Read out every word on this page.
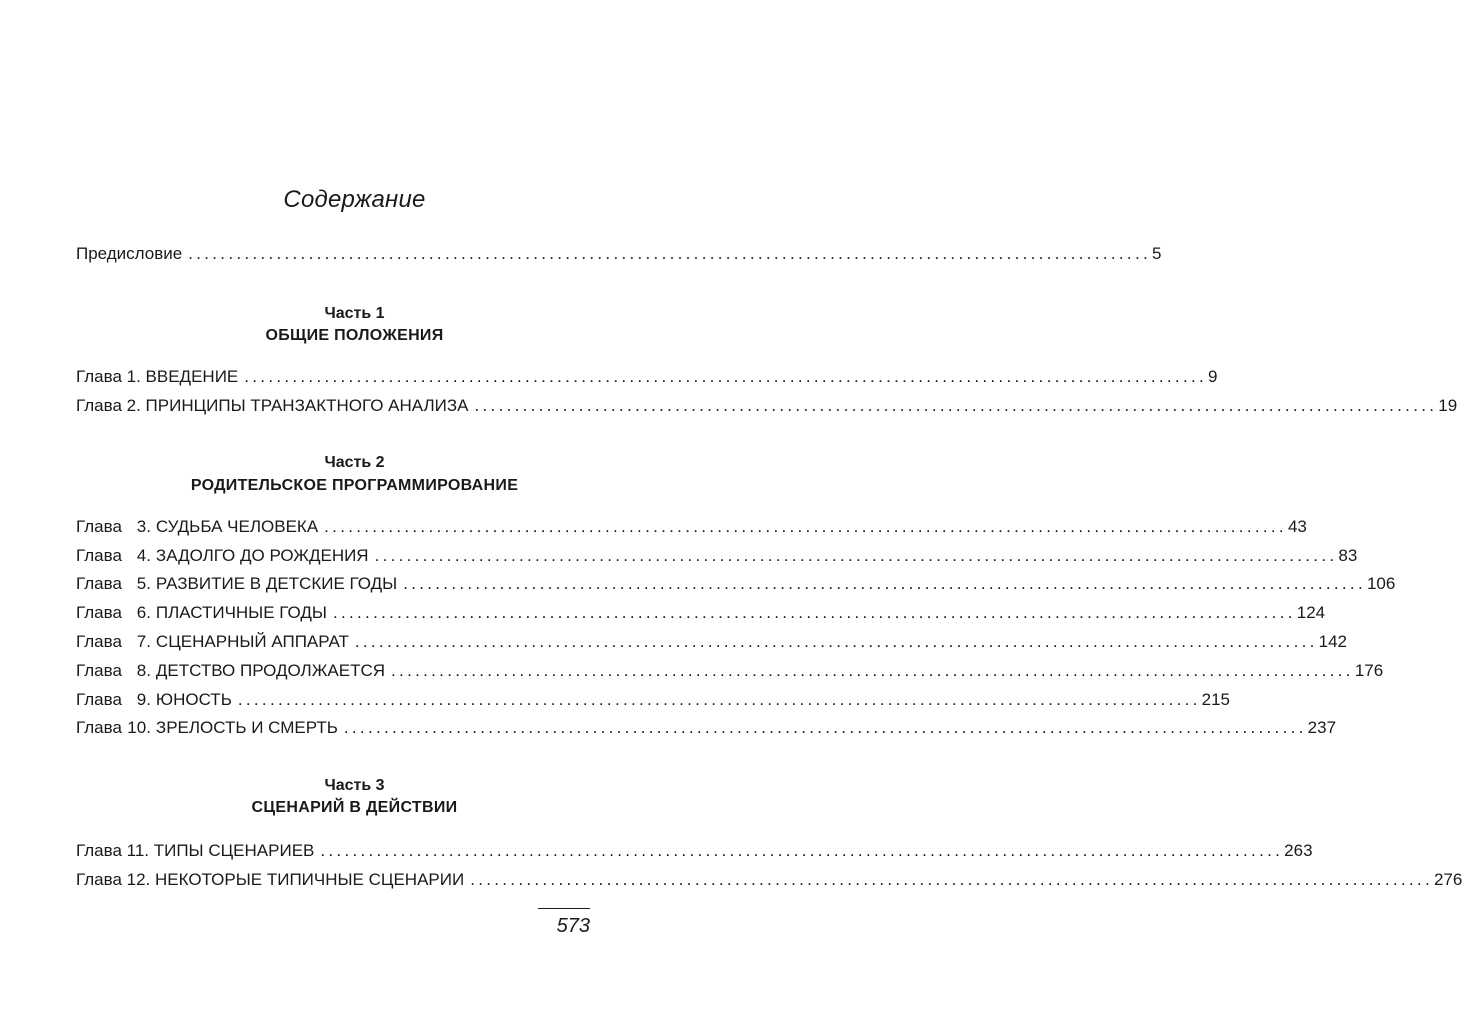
Содержание
Предисловие ........................................................................................................................ 5
Часть 1
ОБЩИЕ ПОЛОЖЕНИЯ
Глава 1. ВВЕДЕНИЕ ........................................................................................................................ 9
Глава 2. ПРИНЦИПЫ ТРАНЗАКТНОГО АНАЛИЗА ........................................................................................................................ 19
Часть 2
РОДИТЕЛЬСКОЕ ПРОГРАММИРОВАНИЕ
Глава 3. СУДЬБА ЧЕЛОВЕКА ........................................................................................................................ 43
Глава 4. ЗАДОЛГО ДО РОЖДЕНИЯ ........................................................................................................................ 83
Глава 5. РАЗВИТИЕ В ДЕТСКИЕ ГОДЫ ........................................................................................................................ 106
Глава 6. ПЛАСТИЧНЫЕ ГОДЫ ........................................................................................................................ 124
Глава 7. СЦЕНАРНЫЙ АППАРАТ ........................................................................................................................ 142
Глава 8. ДЕТСТВО ПРОДОЛЖАЕТСЯ ........................................................................................................................ 176
Глава 9. ЮНОСТЬ ........................................................................................................................ 215
Глава 10. ЗРЕЛОСТЬ И СМЕРТЬ ........................................................................................................................ 237
Часть 3
СЦЕНАРИЙ В ДЕЙСТВИИ
Глава 11. ТИПЫ СЦЕНАРИЕВ ........................................................................................................................ 263
Глава 12. НЕКОТОРЫЕ ТИПИЧНЫЕ СЦЕНАРИИ ........................................................................................................................ 276
573
